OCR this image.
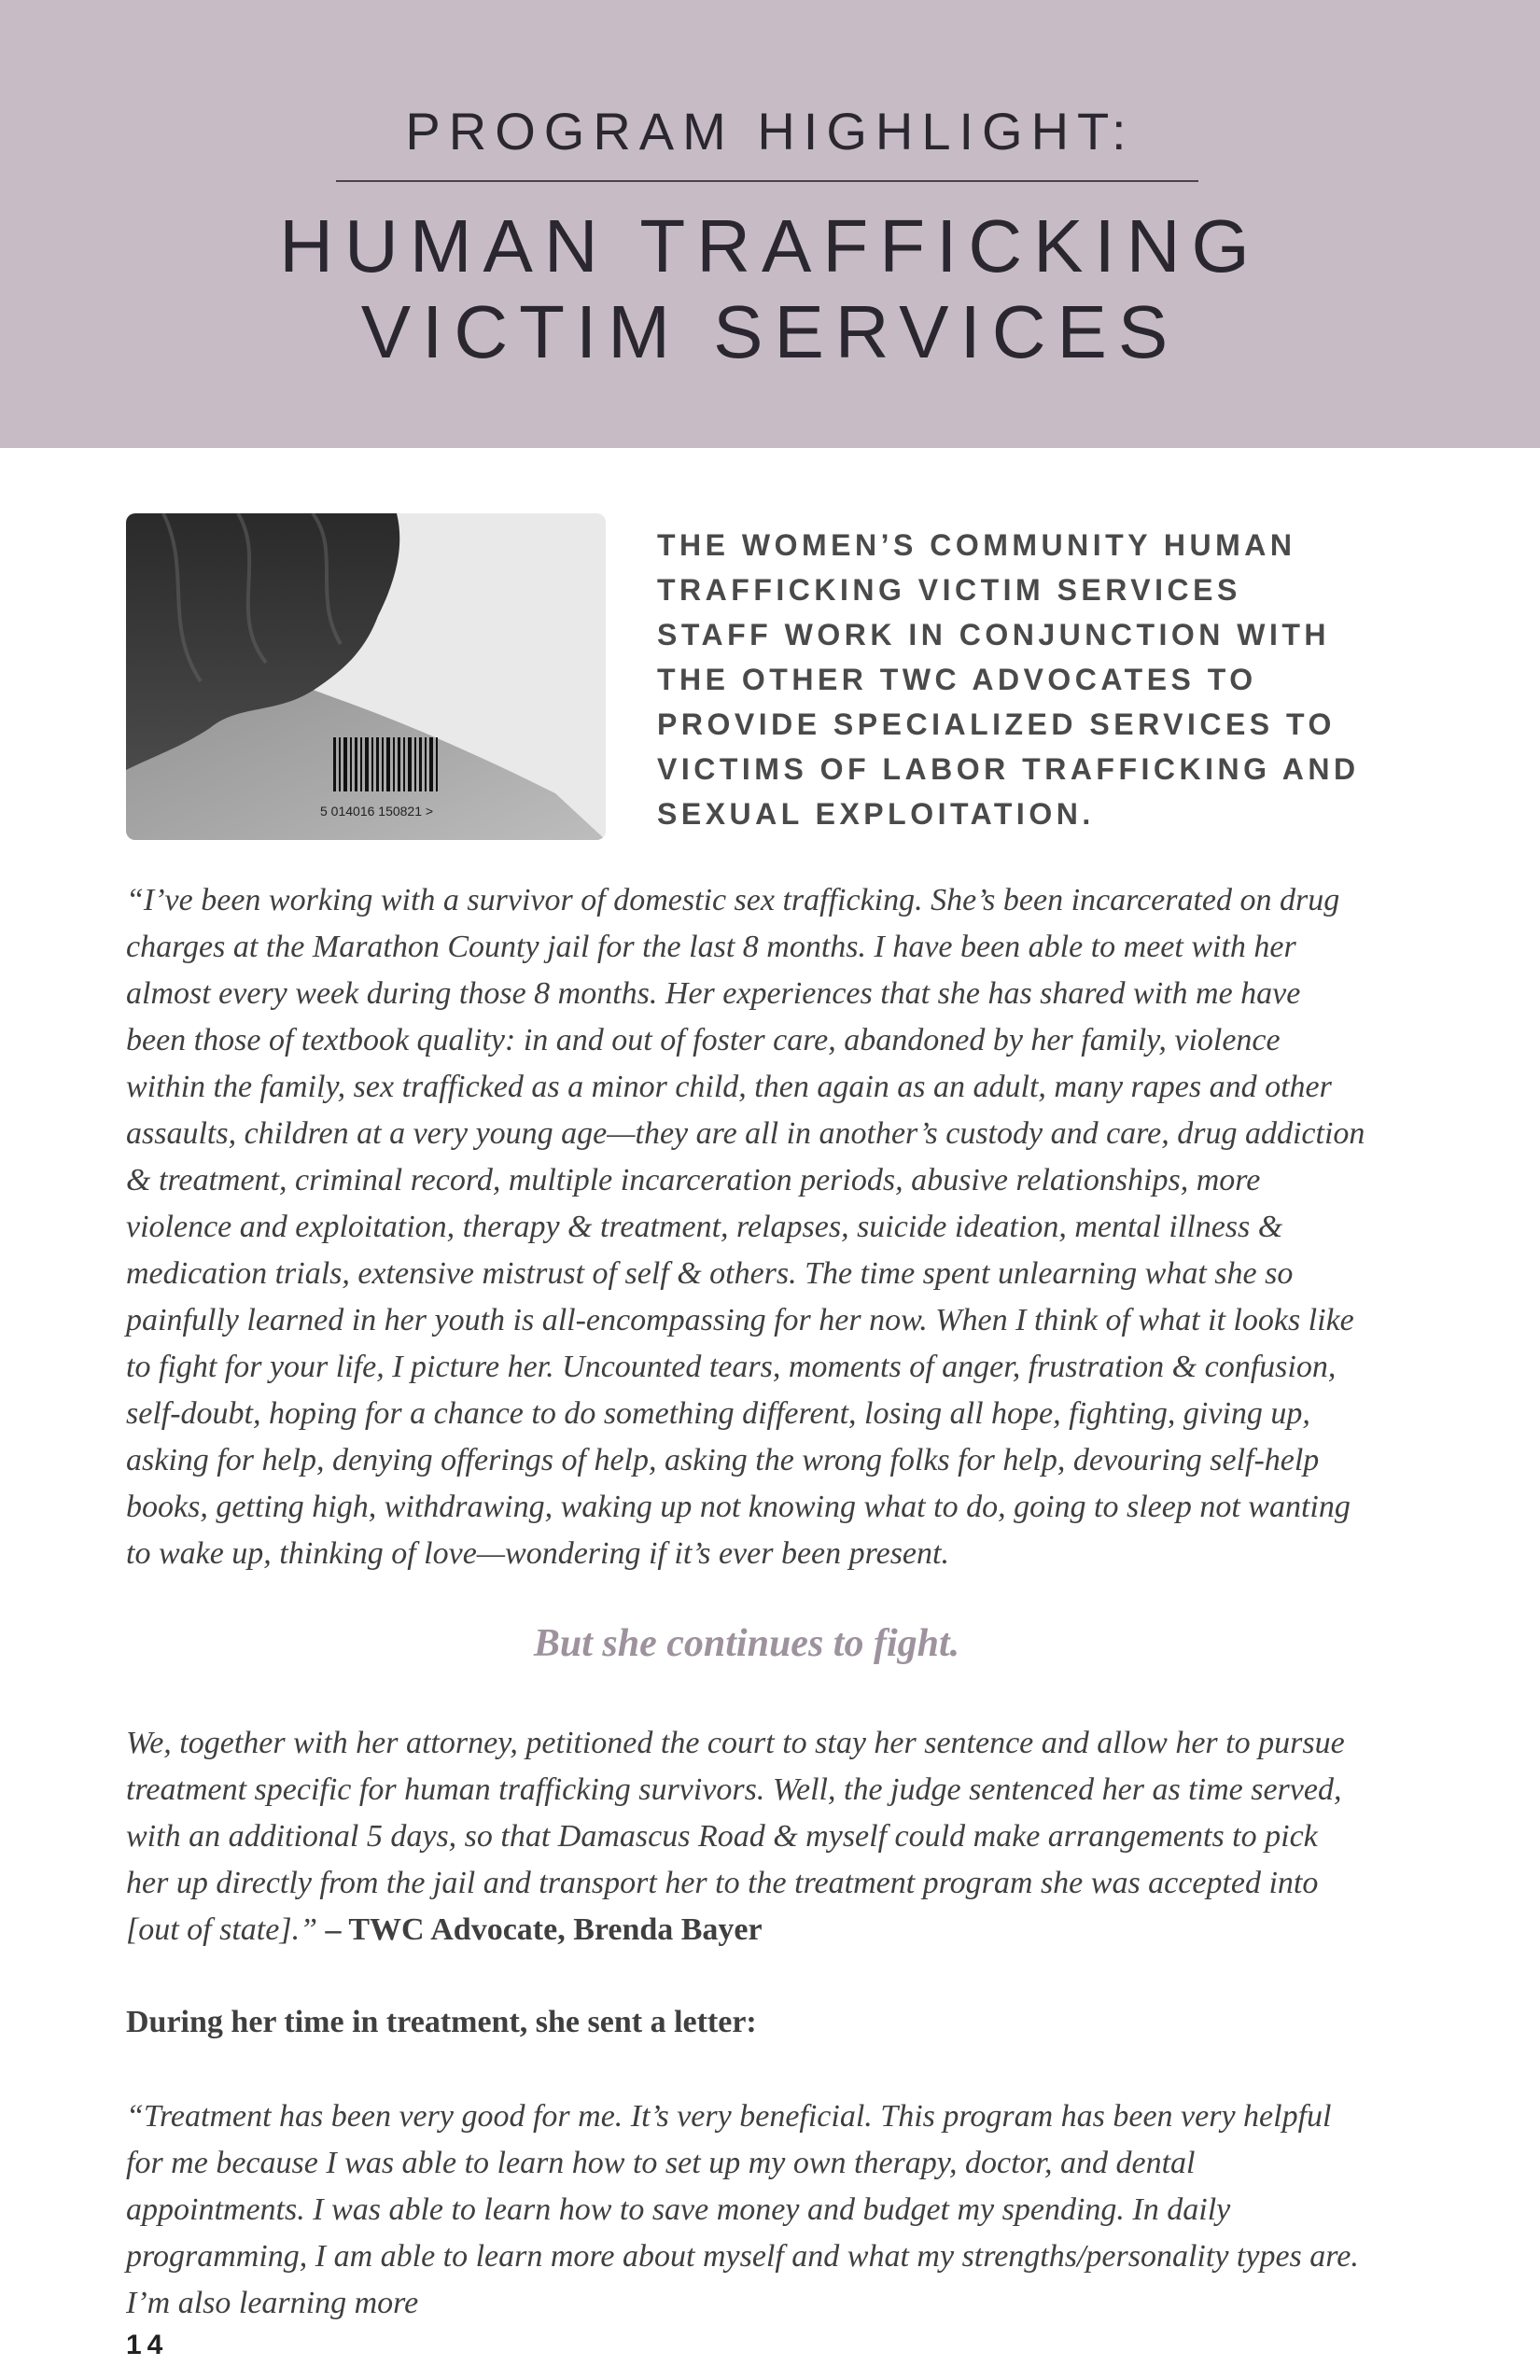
PROGRAM HIGHLIGHT:
HUMAN TRAFFICKING
VICTIM SERVICES
5 014016 150821 >
THE WOMEN’S COMMUNITY HUMAN TRAFFICKING VICTIM SERVICES STAFF WORK IN CONJUNCTION WITH THE OTHER TWC ADVOCATES TO PROVIDE SPECIALIZED SERVICES TO VICTIMS OF LABOR TRAFFICKING AND SEXUAL EXPLOITATION.
“I’ve been working with a survivor of domestic sex trafficking. She’s been incarcerated on drug charges at the Marathon County jail for the last 8 months. I have been able to meet with her almost every week during those 8 months. Her experiences that she has shared with me have been those of textbook quality: in and out of foster care, abandoned by her family, violence within the family, sex trafficked as a minor child, then again as an adult, many rapes and other assaults, children at a very young age—they are all in another’s custody and care, drug addiction & treatment, criminal record, multiple incarceration periods, abusive relationships, more violence and exploitation, therapy & treatment, relapses, suicide ideation, mental illness & medication trials, extensive mistrust of self & others. The time spent unlearning what she so painfully learned in her youth is all-encompassing for her now. When I think of what it looks like to fight for your life, I picture her. Uncounted tears, moments of anger, frustration & confusion, self-doubt, hoping for a chance to do something different, losing all hope, fighting, giving up, asking for help, denying offerings of help, asking the wrong folks for help, devouring self-help books, getting high, withdrawing, waking up not knowing what to do, going to sleep not wanting to wake up, thinking of love—wondering if it’s ever been present.
But she continues to fight.
We, together with her attorney, petitioned the court to stay her sentence and allow her to pursue treatment specific for human trafficking survivors. Well, the judge sentenced her as time served, with an additional 5 days, so that Damascus Road & myself could make arrangements to pick her up directly from the jail and transport her to the treatment program she was accepted into [out of state].” – TWC Advocate, Brenda Bayer
During her time in treatment, she sent a letter:
“Treatment has been very good for me. It’s very beneficial. This program has been very helpful for me because I was able to learn how to set up my own therapy, doctor, and dental appointments. I was able to learn how to save money and budget my spending. In daily programming, I am able to learn more about myself and what my strengths/personality types are. I’m also learning more
14
